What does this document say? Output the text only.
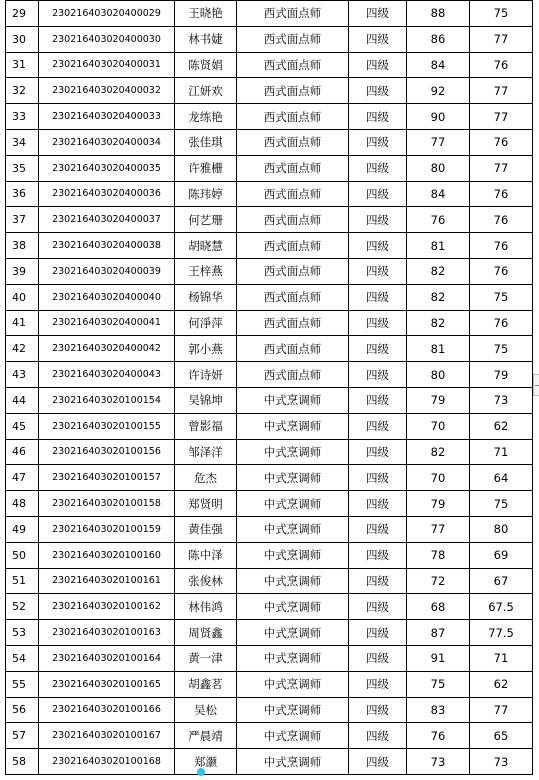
29	230216403020400029	王晓艳	西式面点师	四级	88	75
30	230216403020400030	林书婕	西式面点师	四级	86	77
31	230216403020400031	陈贤娟	西式面点师	四级	84	76
32	230216403020400032	江妍欢	西式面点师	四级	92	77
33	230216403020400033	龙练艳	西式面点师	四级	90	77
34	230216403020400034	张佳琪	西式面点师	四级	77	76
35	230216403020400035	许雅栅	西式面点师	四级	80	77
36	230216403020400036	陈玮婷	西式面点师	四级	84	76
37	230216403020400037	何艺珊	西式面点师	四级	76	76
38	230216403020400038	胡晓慧	西式面点师	四级	81	76
39	230216403020400039	王梓燕	西式面点师	四级	82	76
40	230216403020400040	杨锦华	西式面点师	四级	82	75
41	230216403020400041	何淨萍	西式面点师	四级	82	76
42	230216403020400042	郭小燕	西式面点师	四级	81	75
43	230216403020400043	许诗妍	西式面点师	四级	80	79
44	230216403020100154	吴锦坤	中式烹调师	四级	79	73
45	230216403020100155	曾影福	中式烹调师	四级	70	62
46	230216403020100156	邹泽洋	中式烹调师	四级	82	71
47	230216403020100157	危杰	中式烹调师	四级	70	64
48	230216403020100158	郑贤明	中式烹调师	四级	79	75
49	230216403020100159	黄佳强	中式烹调师	四级	77	80
50	230216403020100160	陈中泽	中式烹调师	四级	78	69
51	230216403020100161	张俊林	中式烹调师	四级	72	67
52	230216403020100162	林伟鸿	中式烹调师	四级	68	67.5
53	230216403020100163	周贤鑫	中式烹调师	四级	87	77.5
54	230216403020100164	黄一津	中式烹调师	四级	91	71
55	230216403020100165	胡鑫茗	中式烹调师	四级	75	62
56	230216403020100166	吴松	中式烹调师	四级	83	77
57	230216403020100167	严晨靖	中式烹调师	四级	76	65
58	230216403020100168	郑灏	中式烹调师	四级	73	73
